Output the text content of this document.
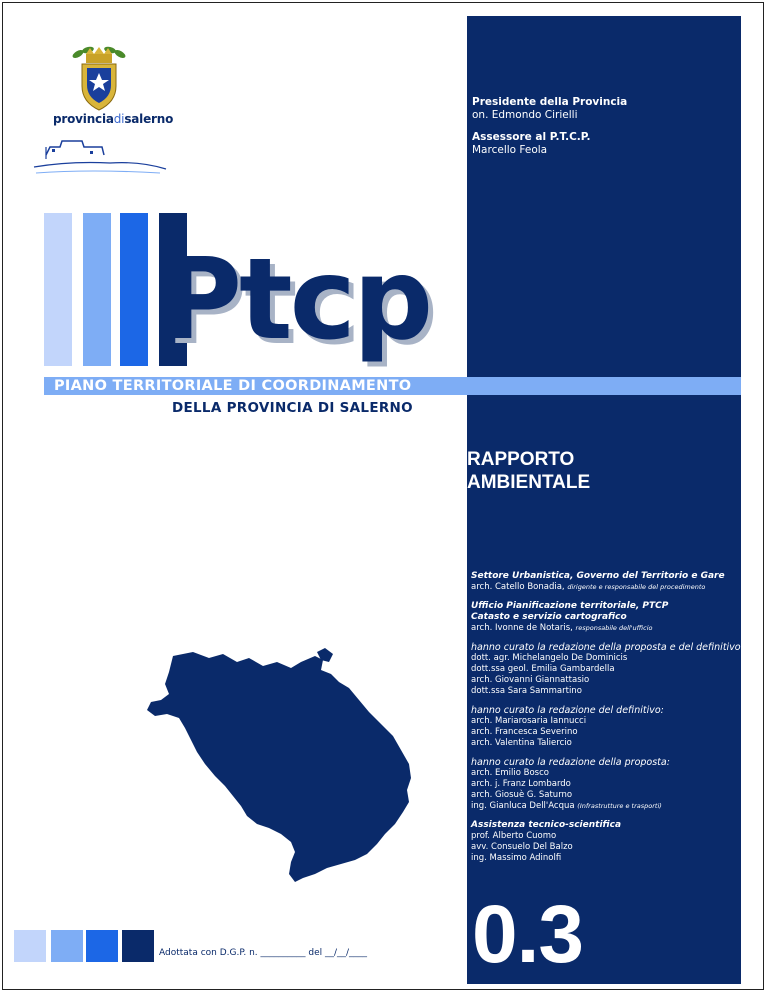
provinciadisalerno
Presidente della Provincia
on. Edmondo Cirielli
Assessore al P.T.C.P.
Marcello Feola
Ptcp
PIANO TERRITORIALE DI COORDINAMENTO
DELLA PROVINCIA DI SALERNO
RAPPORTO
AMBIENTALE
Settore Urbanistica, Governo del Territorio e Gare
arch. Catello Bonadia, dirigente e responsabile del procedimento
Ufficio Pianificazione territoriale, PTCP
Catasto e servizio cartografico
arch. Ivonne de Notaris, responsabile dell'ufficio
hanno curato la redazione della proposta e del definitivo:
dott. agr. Michelangelo De Dominicis
dott.ssa geol. Emilia Gambardella
arch. Giovanni Giannattasio
dott.ssa Sara Sammartino
hanno curato la redazione del definitivo:
arch. Mariarosaria Iannucci
arch. Francesca Severino
arch. Valentina Taliercio
hanno curato la redazione della proposta:
arch. Emilio Bosco
arch. j. Franz Lombardo
arch. Giosuè G. Saturno
ing. Gianluca Dell'Acqua (Infrastrutture e trasporti)
Assistenza tecnico-scientifica
prof. Alberto Cuomo
avv. Consuelo Del Balzo
ing. Massimo Adinolfi
Adottata con D.G.P. n. __________ del __/__/____ 0.3
